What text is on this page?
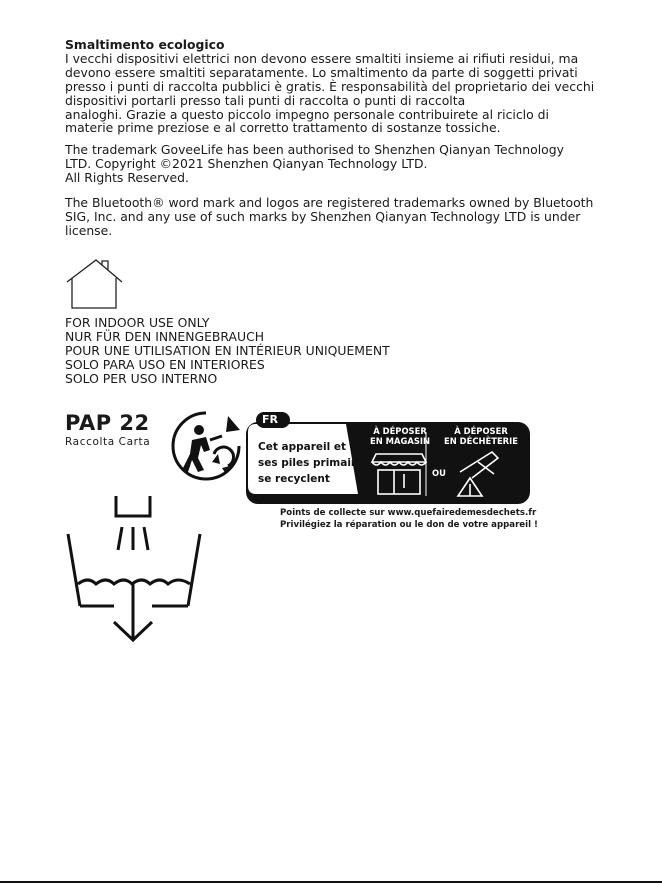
Smaltimento ecologico
I vecchi dispositivi elettrici non devono essere smaltiti insieme ai rifiuti residui, ma
devono essere smaltiti separatamente. Lo smaltimento da parte di soggetti privati
presso i punti di raccolta pubblici è gratis. È responsabilità del proprietario dei vecchi
dispositivi portarli presso tali punti di raccolta o punti di raccolta
analoghi. Grazie a questo piccolo impegno personale contribuirete al riciclo di
materie prime preziose e al corretto trattamento di sostanze tossiche.
The trademark GoveeLife has been authorised to Shenzhen Qianyan Technology
LTD. Copyright ©2021 Shenzhen Qianyan Technology LTD.
All Rights Reserved.
The Bluetooth® word mark and logos are registered trademarks owned by Bluetooth
SIG, Inc. and any use of such marks by Shenzhen Qianyan Technology LTD is under
license.
FOR INDOOR USE ONLY
NUR FÜR DEN INNENGEBRAUCH
POUR UNE UTILISATION EN INTÉRIEUR UNIQUEMENT
SOLO PARA USO EN INTERIORES
SOLO PER USO INTERNO
PAP 22
Raccolta Carta
FR
Cet appareil et
ses piles primaires
se recyclent
À DÉPOSER
EN MAGASIN
À DÉPOSER
EN DÉCHÈTERIE
OU
Points de collecte sur www.quefairedemesdechets.fr
Privilégiez la réparation ou le don de votre appareil !
